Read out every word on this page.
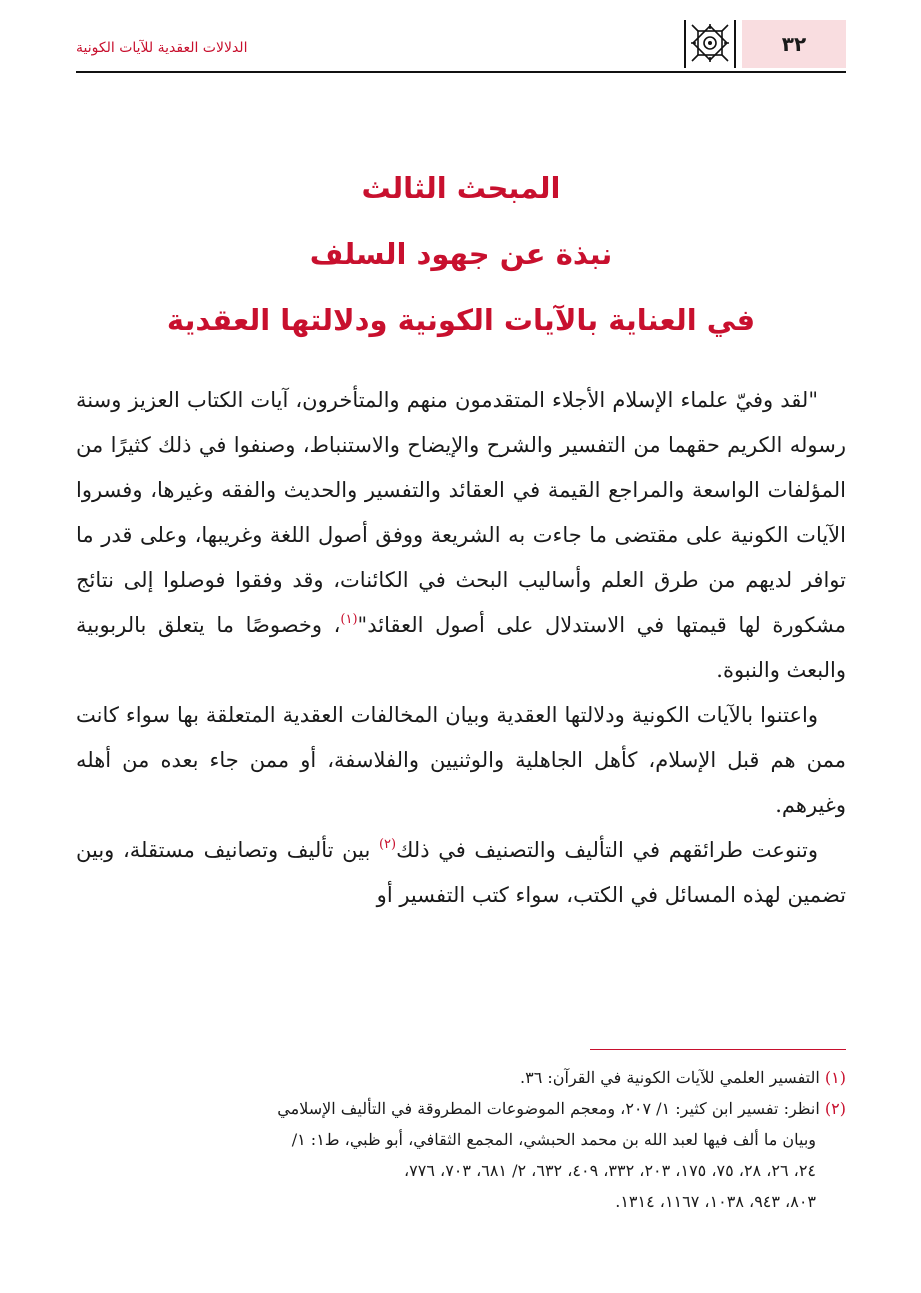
الدلالات العقدية للآيات الكونية	٣٢
المبحث الثالث
نبذة عن جهود السلف
في العناية بالآيات الكونية ودلالتها العقدية

"لقد وفيّ علماء الإسلام الأجلاء المتقدمون منهم والمتأخرون، آيات الكتاب العزيز وسنة رسوله الكريم حقهما من التفسير والشرح والإيضاح والاستنباط، وصنفوا في ذلك كثيرًا من المؤلفات الواسعة والمراجع القيمة في العقائد والتفسير والحديث والفقه وغيرها، وفسروا الآيات الكونية على مقتضى ما جاءت به الشريعة ووفق أصول اللغة وغريبها، وعلى قدر ما توافر لديهم من طرق العلم وأساليب البحث في الكائنات، وقد وفقوا فوصلوا إلى نتائج مشكورة لها قيمتها في الاستدلال على أصول العقائد"$^{(١)}$، وخصوصًا ما يتعلق بالربوبية والبعث والنبوة.

واعتنوا بالآيات الكونية ودلالتها العقدية وبيان المخالفات العقدية المتعلقة بها سواء كانت ممن هم قبل الإسلام، كأهل الجاهلية والوثنيين والفلاسفة، أو ممن جاء بعده من أهله وغيرهم.

وتنوعت طرائقهم في التأليف والتصنيف في ذلك$^{(٢)}$ بين تأليف وتصانيف مستقلة، وبين تضمين لهذه المسائل في الكتب، سواء كتب التفسير أو

(١) التفسير العلمي للآيات الكونية في القرآن: ٣٦.

(٢) انظر: تفسير ابن كثير: ١/ ٢٠٧، ومعجم الموضوعات المطروقة في التأليف الإسلامي

وبيان ما ألف فيها لعبد الله بن محمد الحبشي، المجمع الثقافي، أبو ظبي، ط١: ١/

٢٤، ٢٦، ٢٨، ٧٥، ١٧٥، ٢٠٣، ٣٣٢، ٤٠٩، ٦٣٢، ٢/ ٦٨١، ٧٠٣، ٧٧٦،

٨٠٣، ٩٤٣، ١٠٣٨، ١١٦٧، ١٣١٤.
